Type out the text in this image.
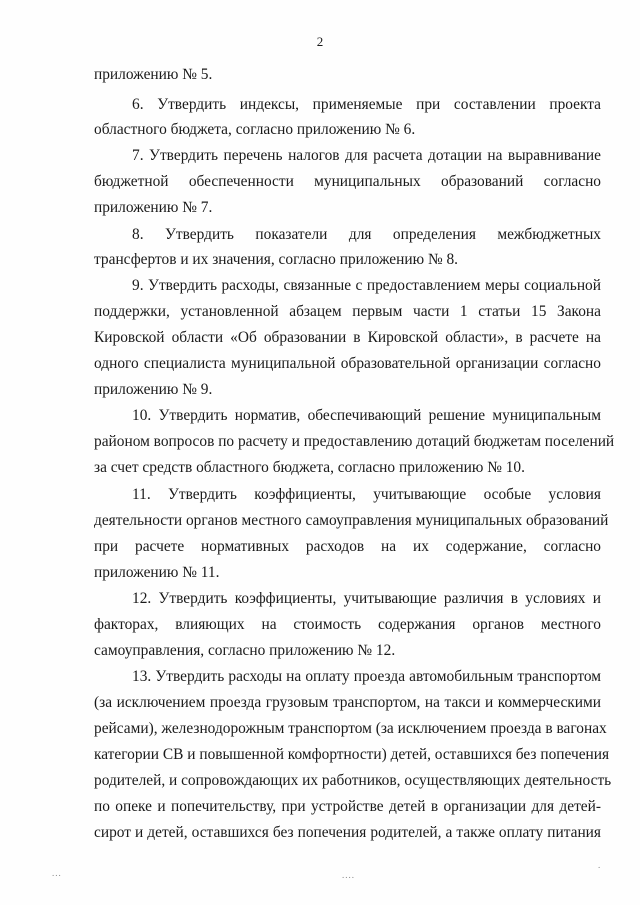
2
приложению № 5.
6. Утвердить индексы, применяемые при составлении проекта
областного бюджета, согласно приложению № 6.
7. Утвердить перечень налогов для расчета дотации на выравнивание
бюджетной обеспеченности муниципальных образований согласно
приложению № 7.
8. Утвердить показатели для определения межбюджетных
трансфертов и их значения, согласно приложению № 8.
9. Утвердить расходы, связанные с предоставлением меры социальной
поддержки, установленной абзацем первым части 1 статьи 15 Закона
Кировской области «Об образовании в Кировской области», в расчете на
одного специалиста муниципальной образовательной организации согласно
приложению № 9.
10. Утвердить норматив, обеспечивающий решение муниципальным
районом вопросов по расчету и предоставлению дотаций бюджетам поселений
за счет средств областного бюджета, согласно приложению № 10.
11. Утвердить коэффициенты, учитывающие особые условия
деятельности органов местного самоуправления муниципальных образований
при расчете нормативных расходов на их содержание, согласно
приложению № 11.
12. Утвердить коэффициенты, учитывающие различия в условиях и
факторах, влияющих на стоимость содержания органов местного
самоуправления, согласно приложению № 12.
13. Утвердить расходы на оплату проезда автомобильным транспортом
(за исключением проезда грузовым транспортом, на такси и коммерческими
рейсами), железнодорожным транспортом (за исключением проезда в вагонах
категории СВ и повышенной комфортности) детей, оставшихся без попечения
родителей, и сопровождающих их работников, осуществляющих деятельность
по опеке и попечительству, при устройстве детей в организации для детей-
сирот и детей, оставшихся без попечения родителей, а также оплату питания
...	....
.
